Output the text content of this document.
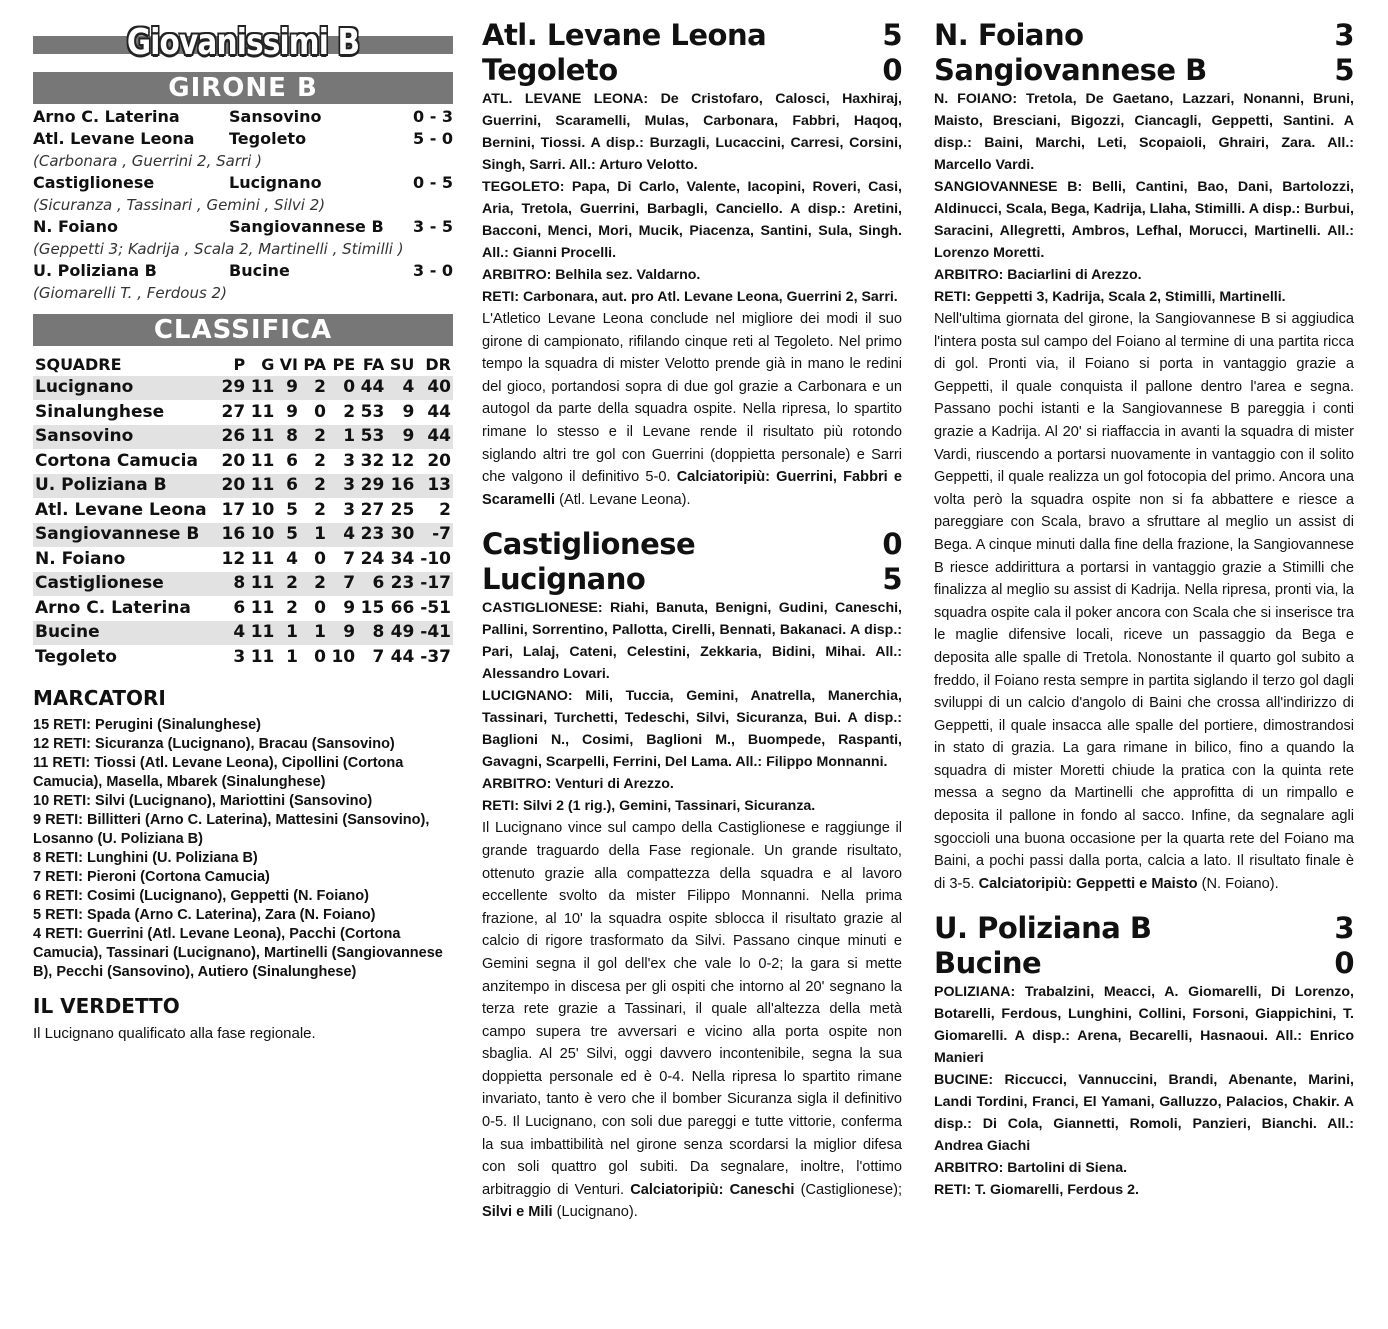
Giovanissimi B
GIRONE B
Arno C. Laterina	Sansovino	0 - 3
Atl. Levane Leona	Tegoleto	5 - 0
(Carbonara , Guerrini 2, Sarri )
Castiglionese	Lucignano	0 - 5
(Sicuranza , Tassinari , Gemini , Silvi 2)
N. Foiano	Sangiovannese B	3 - 5
(Geppetti 3; Kadrija , Scala 2, Martinelli , Stimilli )
U. Poliziana B	Bucine	3 - 0
(Giomarelli T. , Ferdous 2)
CLASSIFICA
SQUADRE	P	G	VI	PA	PE	FA	SU	DR
Lucignano	29	11	9	2	0	44	4	40
Sinalunghese	27	11	9	0	2	53	9	44
Sansovino	26	11	8	2	1	53	9	44
Cortona Camucia	20	11	6	2	3	32	12	20
U. Poliziana B	20	11	6	2	3	29	16	13
Atl. Levane Leona	17	10	5	2	3	27	25	2
Sangiovannese B	16	10	5	1	4	23	30	-7
N. Foiano	12	11	4	0	7	24	34	-10
Castiglionese	8	11	2	2	7	6	23	-17
Arno C. Laterina	6	11	2	0	9	15	66	-51
Bucine	4	11	1	1	9	8	49	-41
Tegoleto	3	11	1	0	10	7	44	-37
MARCATORI
15 RETI: Perugini (Sinalunghese)
12 RETI: Sicuranza (Lucignano), Bracau (Sansovino)
11 RETI: Tiossi (Atl. Levane Leona), Cipollini (Cortona Camucia), Masella, Mbarek (Sinalunghese)
10 RETI: Silvi (Lucignano), Mariottini (Sansovino)
9 RETI: Billitteri (Arno C. Laterina), Mattesini (Sansovino), Losanno (U. Poliziana B)
8 RETI: Lunghini (U. Poliziana B)
7 RETI: Pieroni (Cortona Camucia)
6 RETI: Cosimi (Lucignano), Geppetti (N. Foiano)
5 RETI: Spada (Arno C. Laterina), Zara (N. Foiano)
4 RETI: Guerrini (Atl. Levane Leona), Pacchi (Cortona Camucia), Tassinari (Lucignano), Martinelli (Sangiovannese B), Pecchi (Sansovino), Autiero (Sinalunghese)
IL VERDETTO
Il Lucignano qualificato alla fase regionale.
Atl. Levane Leona	5
Tegoleto	0

ATL. LEVANE LEONA: De Cristofaro, Calosci, Haxhiraj, Guerrini, Scaramelli, Mulas, Carbonara, Fabbri, Haqoq, Bernini, Tiossi. A disp.: Burzagli, Lucaccini, Carresi, Corsini, Singh, Sarri. All.: Arturo Velotto.

TEGOLETO: Papa, Di Carlo, Valente, Iacopini, Roveri, Casi, Aria, Tretola, Guerrini, Barbagli, Canciello. A disp.: Aretini, Bacconi, Menci, Mori, Mucik, Piacenza, Santini, Sula, Singh. All.: Gianni Procelli.

ARBITRO: Belhila sez. Valdarno.

RETI: Carbonara, aut. pro Atl. Levane Leona, Guerrini 2, Sarri.

L'Atletico Levane Leona conclude nel migliore dei modi il suo girone di campionato, rifilando cinque reti al Tegoleto. Nel primo tempo la squadra di mister Velotto prende già in mano le redini del gioco, portandosi sopra di due gol grazie a Carbonara e un autogol da parte della squadra ospite. Nella ripresa, lo spartito rimane lo stesso e il Levane rende il risultato più rotondo siglando altri tre gol con Guerrini (doppietta personale) e Sarri che valgono il definitivo 5-0. Calciatoripiù: Guerrini, Fabbri e Scaramelli (Atl. Levane Leona).

Castiglionese	0
Lucignano	5

CASTIGLIONESE: Riahi, Banuta, Benigni, Gudini, Caneschi, Pallini, Sorrentino, Pallotta, Cirelli, Bennati, Bakanaci. A disp.: Pari, Lalaj, Cateni, Celestini, Zekkaria, Bidini, Mihai. All.: Alessandro Lovari.

LUCIGNANO: Mili, Tuccia, Gemini, Anatrella, Manerchia, Tassinari, Turchetti, Tedeschi, Silvi, Sicuranza, Bui. A disp.: Baglioni N., Cosimi, Baglioni M., Buompede, Raspanti, Gavagni, Scarpelli, Ferrini, Del Lama. All.: Filippo Monnanni.

ARBITRO: Venturi di Arezzo.

RETI: Silvi 2 (1 rig.), Gemini, Tassinari, Sicuranza.

Il Lucignano vince sul campo della Castiglionese e raggiunge il grande traguardo della Fase regionale. Un grande risultato, ottenuto grazie alla compattezza della squadra e al lavoro eccellente svolto da mister Filippo Monnanni. Nella prima frazione, al 10' la squadra ospite sblocca il risultato grazie al calcio di rigore trasformato da Silvi. Passano cinque minuti e Gemini segna il gol dell'ex che vale lo 0-2; la gara si mette anzitempo in discesa per gli ospiti che intorno al 20' segnano la terza rete grazie a Tassinari, il quale all'altezza della metà campo supera tre avversari e vicino alla porta ospite non sbaglia. Al 25' Silvi, oggi davvero incontenibile, segna la sua doppietta personale ed è 0-4. Nella ripresa lo spartito rimane invariato, tanto è vero che il bomber Sicuranza sigla il definitivo 0-5. Il Lucignano, con soli due pareggi e tutte vittorie, conferma la sua imbattibilità nel girone senza scordarsi la miglior difesa con soli quattro gol subiti. Da segnalare, inoltre, l'ottimo arbitraggio di Venturi. Calciatoripiù: Caneschi (Castiglionese); Silvi e Mili (Lucignano).

N. Foiano	3
Sangiovannese B	5

N. FOIANO: Tretola, De Gaetano, Lazzari, Nonanni, Bruni, Maisto, Bresciani, Bigozzi, Ciancagli, Geppetti, Santini. A disp.: Baini, Marchi, Leti, Scopaioli, Ghrairi, Zara. All.: Marcello Vardi.

SANGIOVANNESE B: Belli, Cantini, Bao, Dani, Bartolozzi, Aldinucci, Scala, Bega, Kadrija, Llaha, Stimilli. A disp.: Burbui, Saracini, Allegretti, Ambros, Lefhal, Morucci, Martinelli. All.: Lorenzo Moretti.

ARBITRO: Baciarlini di Arezzo.

RETI: Geppetti 3, Kadrija, Scala 2, Stimilli, Martinelli.

Nell'ultima giornata del girone, la Sangiovannese B si aggiudica l'intera posta sul campo del Foiano al termine di una partita ricca di gol. Pronti via, il Foiano si porta in vantaggio grazie a Geppetti, il quale conquista il pallone dentro l'area e segna. Passano pochi istanti e la Sangiovannese B pareggia i conti grazie a Kadrija. Al 20' si riaffaccia in avanti la squadra di mister Vardi, riuscendo a portarsi nuovamente in vantaggio con il solito Geppetti, il quale realizza un gol fotocopia del primo. Ancora una volta però la squadra ospite non si fa abbattere e riesce a pareggiare con Scala, bravo a sfruttare al meglio un assist di Bega. A cinque minuti dalla fine della frazione, la Sangiovannese B riesce addirittura a portarsi in vantaggio grazie a Stimilli che finalizza al meglio su assist di Kadrija. Nella ripresa, pronti via, la squadra ospite cala il poker ancora con Scala che si inserisce tra le maglie difensive locali, riceve un passaggio da Bega e deposita alle spalle di Tretola. Nonostante il quarto gol subito a freddo, il Foiano resta sempre in partita siglando il terzo gol dagli sviluppi di un calcio d'angolo di Baini che crossa all'indirizzo di Geppetti, il quale insacca alle spalle del portiere, dimostrandosi in stato di grazia. La gara rimane in bilico, fino a quando la squadra di mister Moretti chiude la pratica con la quinta rete messa a segno da Martinelli che approfitta di un rimpallo e deposita il pallone in fondo al sacco. Infine, da segnalare agli sgoccioli una buona occasione per la quarta rete del Foiano ma Baini, a pochi passi dalla porta, calcia a lato. Il risultato finale è di 3-5. Calciatoripiù: Geppetti e Maisto (N. Foiano).

U. Poliziana B	3
Bucine	0

POLIZIANA: Trabalzini, Meacci, A. Giomarelli, Di Lorenzo, Botarelli, Ferdous, Lunghini, Collini, Forsoni, Giappichini, T. Giomarelli. A disp.: Arena, Becarelli, Hasnaoui. All.: Enrico Manieri

BUCINE: Riccucci, Vannuccini, Brandi, Abenante, Marini, Landi Tordini, Franci, El Yamani, Galluzzo, Palacios, Chakir. A disp.: Di Cola, Giannetti, Romoli, Panzieri, Bianchi. All.: Andrea Giachi

ARBITRO: Bartolini di Siena.

RETI: T. Giomarelli, Ferdous 2.
